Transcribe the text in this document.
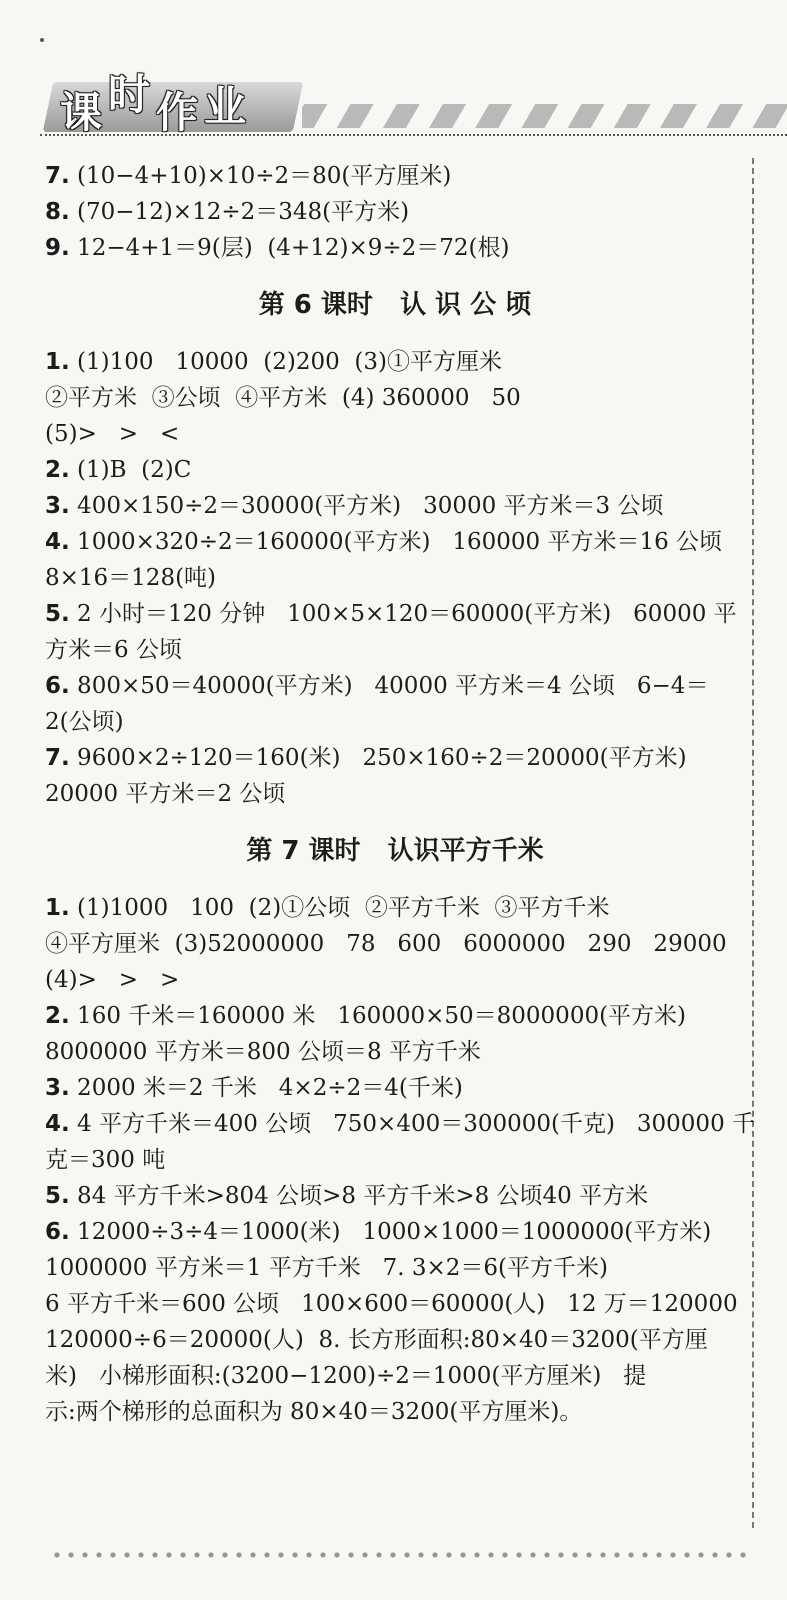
课 时 作 业
7. (10−4+10)×10÷2＝80(平方厘米)
8. (70−12)×12÷2＝348(平方米)
9. 12−4+1＝9(层)  (4+12)×9÷2＝72(根)
第 6 课时   认 识 公 顷
1. (1)100   10000  (2)200  (3)①平方厘米
②平方米  ③公顷  ④平方米  (4) 360000   50
(5)>   >   <
2. (1)B  (2)C
3. 400×150÷2＝30000(平方米)   30000 平方米＝3 公顷
4. 1000×320÷2＝160000(平方米)   160000 平方米＝16 公顷
8×16＝128(吨)
5. 2 小时＝120 分钟   100×5×120＝60000(平方米)   60000 平
方米＝6 公顷
6. 800×50＝40000(平方米)   40000 平方米＝4 公顷   6−4＝
2(公顷)
7. 9600×2÷120＝160(米)   250×160÷2＝20000(平方米)
20000 平方米＝2 公顷
第 7 课时   认识平方千米
1. (1)1000   100  (2)①公顷  ②平方千米  ③平方千米
④平方厘米  (3)52000000   78   600   6000000   290   29000
(4)>   >   >
2. 160 千米＝160000 米   160000×50＝8000000(平方米)
8000000 平方米＝800 公顷＝8 平方千米
3. 2000 米＝2 千米   4×2÷2＝4(千米)
4. 4 平方千米＝400 公顷   750×400＝300000(千克)   300000 千
克＝300 吨
5. 84 平方千米>804 公顷>8 平方千米>8 公顷40 平方米
6. 12000÷3÷4＝1000(米)   1000×1000＝1000000(平方米)
1000000 平方米＝1 平方千米   7. 3×2＝6(平方千米)
6 平方千米＝600 公顷   100×600＝60000(人)   12 万＝120000
120000÷6＝20000(人)  8. 长方形面积:80×40＝3200(平方厘
米)   小梯形面积:(3200−1200)÷2＝1000(平方厘米)   提
示:两个梯形的总面积为 80×40＝3200(平方厘米)。
